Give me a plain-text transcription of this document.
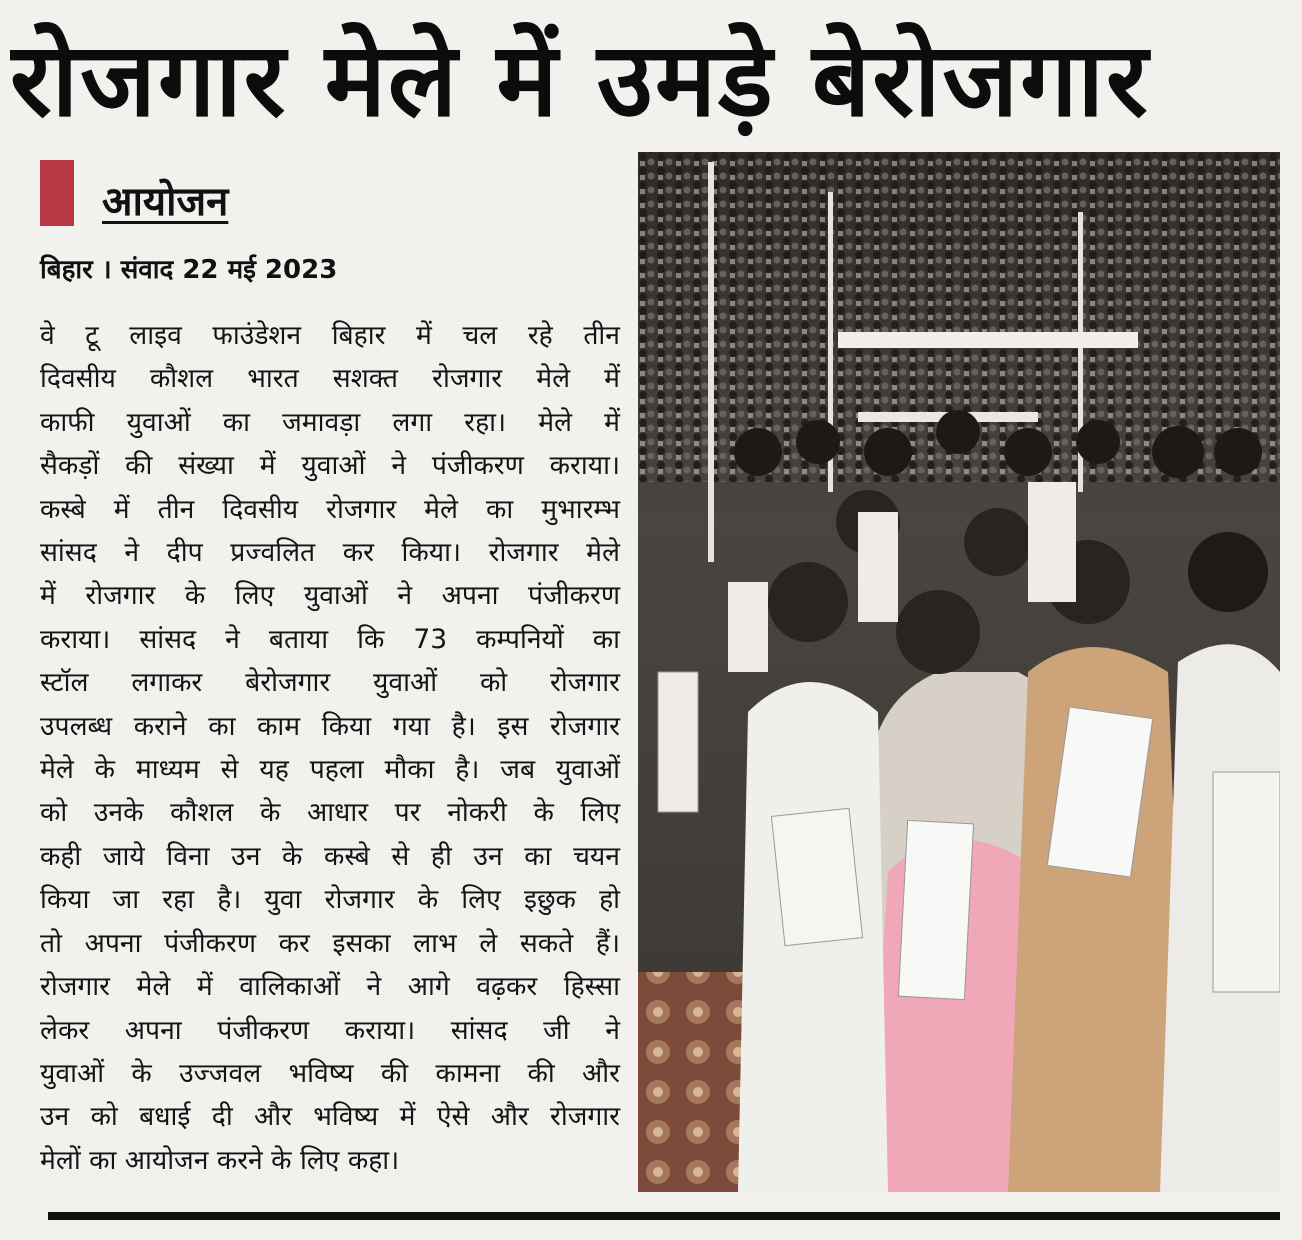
रोजगार मेले में उमड़े बेरोजगार
आयोजन
बिहार । संवाद 22 मई 2023
वे टू लाइव फाउंडेशन बिहार में चल रहे तीन
दिवसीय कौशल भारत सशक्त रोजगार मेले में
काफी युवाओं का जमावड़ा लगा रहा। मेले में
सैकड़ों की संख्या में युवाओं ने पंजीकरण कराया।
कस्बे में तीन दिवसीय रोजगार मेले का मुभारम्भ
सांसद ने दीप प्रज्वलित कर किया। रोजगार मेले
में रोजगार के लिए युवाओं ने अपना पंजीकरण
कराया। सांसद ने बताया कि 73 कम्पनियों का
स्टॉल लगाकर बेरोजगार युवाओं को रोजगार
उपलब्ध कराने का काम किया गया है। इस रोजगार
मेले के माध्यम से यह पहला मौका है। जब युवाओं
को उनके कौशल के आधार पर नोकरी के लिए
कही जाये विना उन के कस्बे से ही उन का चयन
किया जा रहा है। युवा रोजगार के लिए इछुक हो
तो अपना पंजीकरण कर इसका लाभ ले सकते हैं।
रोजगार मेले में वालिकाओं ने आगे वढ़कर हिस्सा
लेकर अपना पंजीकरण कराया। सांसद जी ने
युवाओं के उज्जवल भविष्य की कामना की और
उन को बधाई दी और भविष्य में ऐसे और रोजगार
मेलों का आयोजन करने के लिए कहा।
